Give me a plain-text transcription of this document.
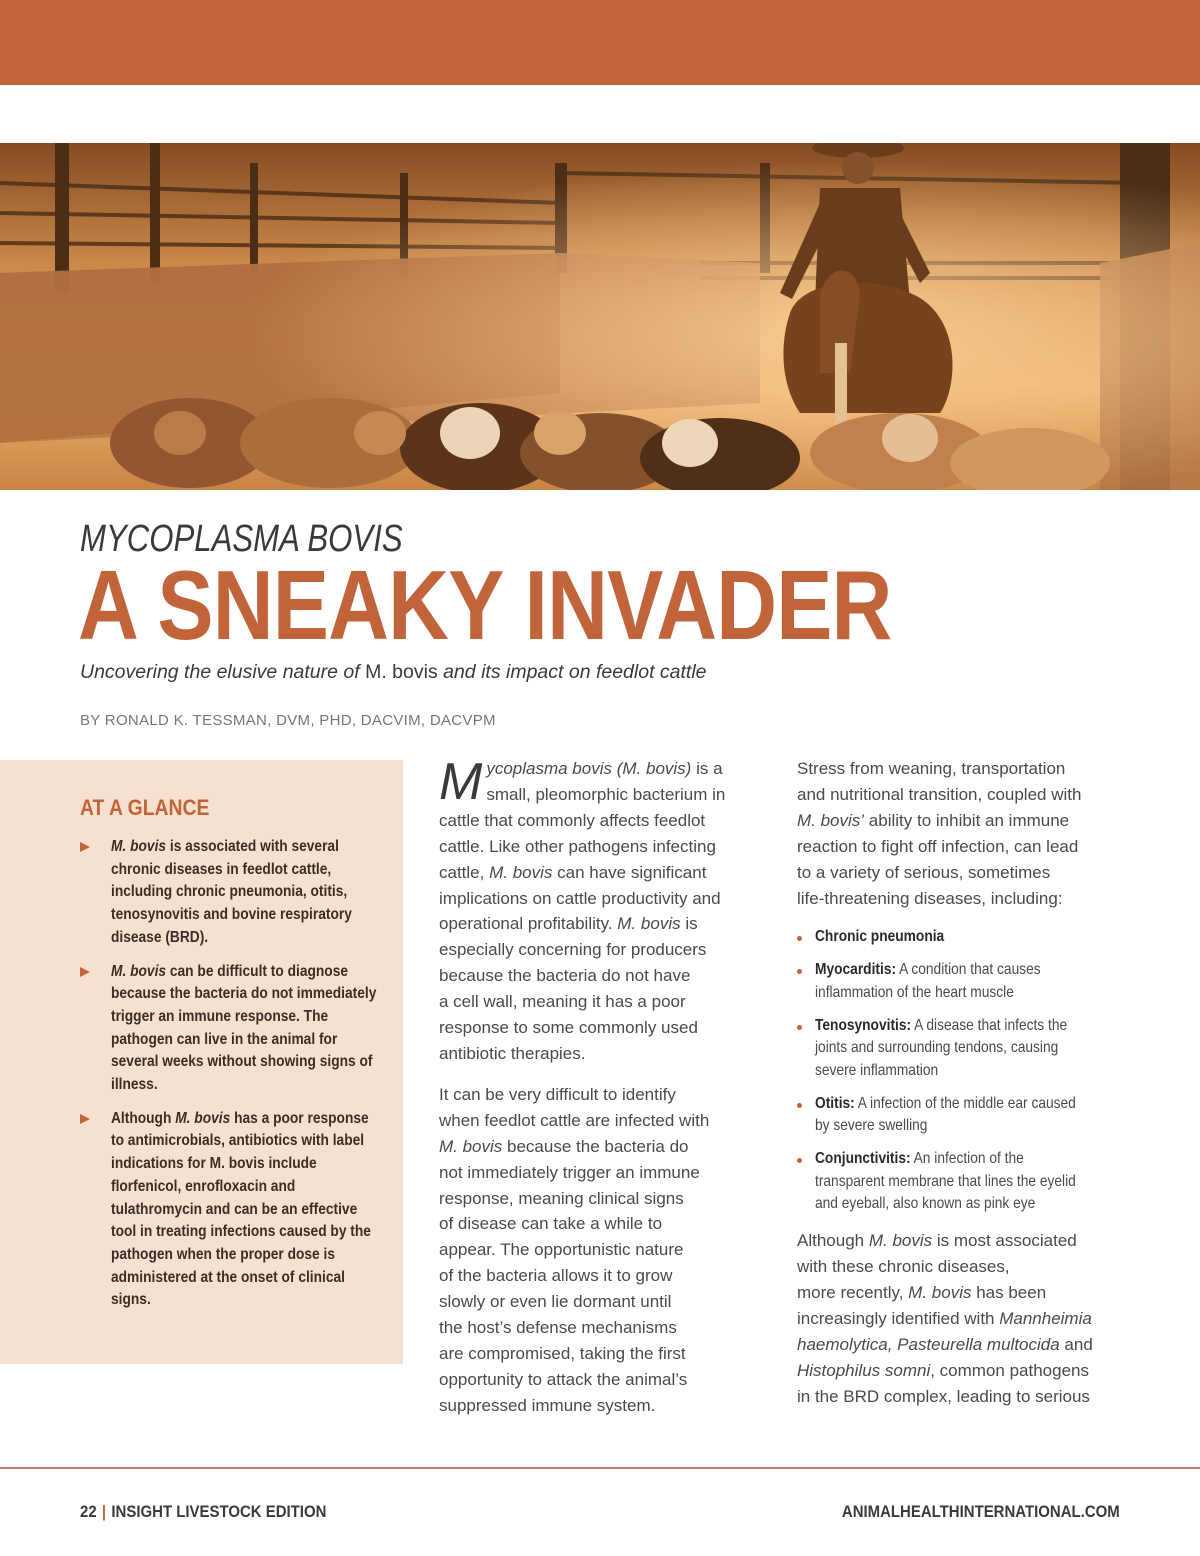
MYCOPLASMA BOVIS
A SNEAKY INVADER
Uncovering the elusive nature of M. bovis and its impact on feedlot cattle
BY RONALD K. TESSMAN, DVM, PHD, DACVIM, DACVPM
AT A GLANCE
M. bovis is associated with several chronic diseases in feedlot cattle, including chronic pneumonia, otitis, tenosynovitis and bovine respiratory disease (BRD).
M. bovis can be difficult to diagnose because the bacteria do not immediately trigger an immune response. The pathogen can live in the animal for several weeks without showing signs of illness.
Although M. bovis has a poor response to antimicrobials, antibiotics with label indications for M. bovis include florfenicol, enrofloxacin and tulathromycin and can be an effective tool in treating infections caused by the pathogen when the proper dose is administered at the onset of clinical signs.

Mycoplasma bovis (M. bovis) is a
small, pleomorphic bacterium in
cattle that commonly affects feedlot
cattle. Like other pathogens infecting
cattle, M. bovis can have significant
implications on cattle productivity and
operational profitability. M. bovis is
especially concerning for producers
because the bacteria do not have
a cell wall, meaning it has a poor
response to some commonly used
antibiotic therapies.

It can be very difficult to identify
when feedlot cattle are infected with
M. bovis because the bacteria do
not immediately trigger an immune
response, meaning clinical signs
of disease can take a while to
appear. The opportunistic nature
of the bacteria allows it to grow
slowly or even lie dormant until
the host’s defense mechanisms
are compromised, taking the first
opportunity to attack the animal’s
suppressed immune system.

Stress from weaning, transportation
and nutritional transition, coupled with
M. bovis’ ability to inhibit an immune
reaction to fight off infection, can lead
to a variety of serious, sometimes
life-threatening diseases, including:

Chronic pneumonia
Myocarditis: A condition that causes
inflammation of the heart muscle
Tenosynovitis: A disease that infects the
joints and surrounding tendons, causing
severe inflammation
Otitis: A infection of the middle ear caused
by severe swelling
Conjunctivitis: An infection of the
transparent membrane that lines the eyelid
and eyeball, also known as pink eye

Although M. bovis is most associated
with these chronic diseases,
more recently, M. bovis has been
increasingly identified with Mannheimia
haemolytica, Pasteurella multocida and
Histophilus somni, common pathogens
in the BRD complex, leading to serious

22 | INSIGHT LIVESTOCK EDITION	ANIMALHEALTHINTERNATIONAL.COM
